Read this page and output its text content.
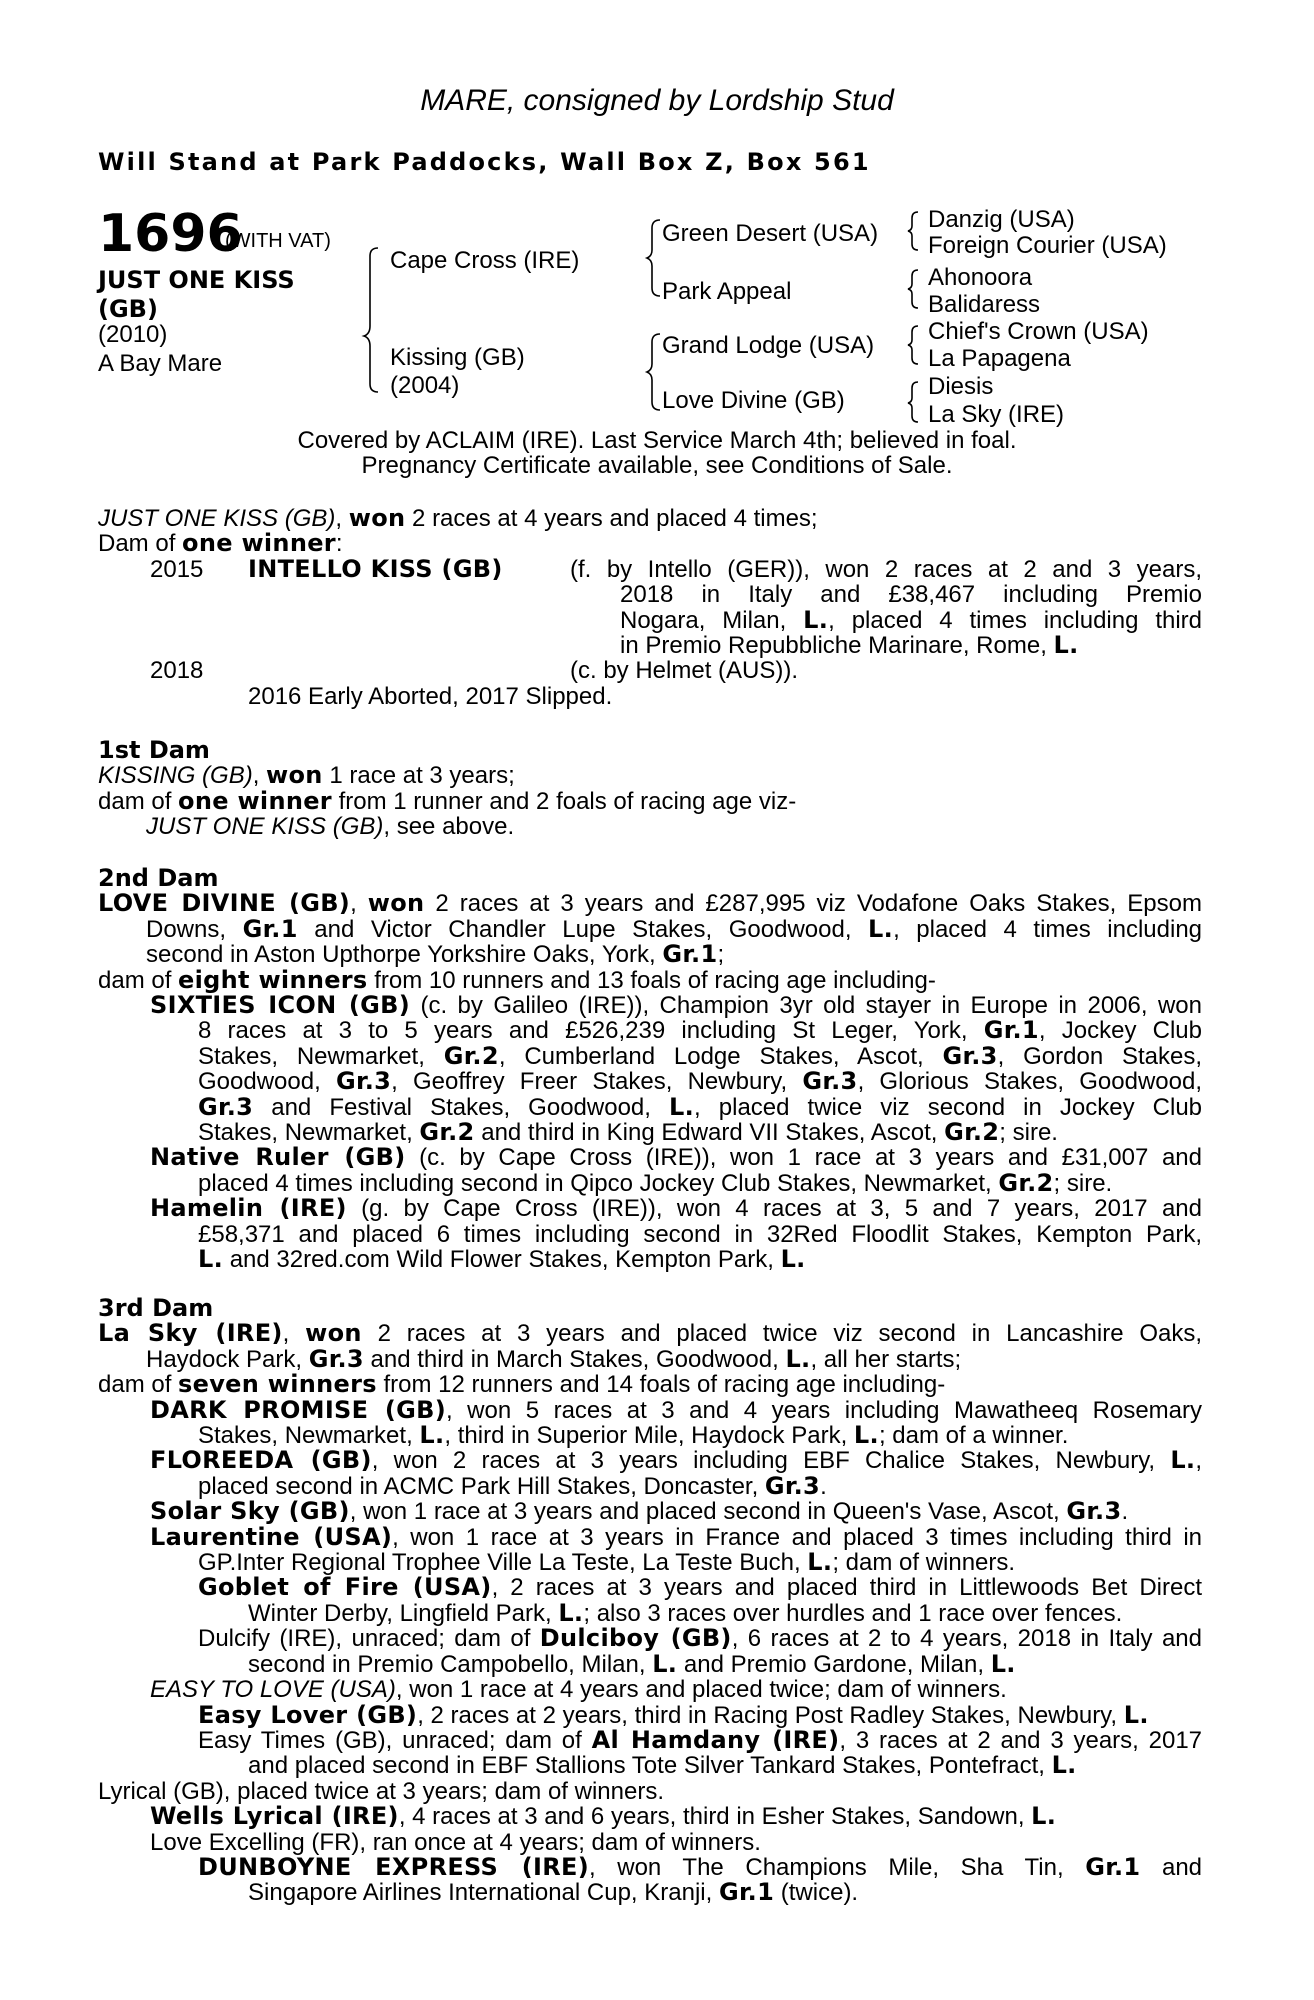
MARE, consigned by Lordship Stud
Will Stand at Park Paddocks, Wall Box Z, Box 561
1696
(WITH VAT)
JUST ONE KISS
(GB)
(2010)
A Bay Mare
Cape Cross (IRE)
Kissing (GB)
(2004)
Green Desert (USA)
Park Appeal
Grand Lodge (USA)
Love Divine (GB)
Danzig (USA)
Foreign Courier (USA)
Ahonoora
Balidaress
Chief's Crown (USA)
La Papagena
Diesis
La Sky (IRE)
Covered by ACLAIM (IRE). Last Service March 4th; believed in foal.
Pregnancy Certificate available, see Conditions of Sale.
JUST ONE KISS (GB), won 2 races at 4 years and placed 4 times;
Dam of one winner:
2015 INTELLO KISS (GB)	(f. by Intello (GER)), won 2 races at 2 and 3 years,
2018 in Italy and £38,467 including Premio
Nogara, Milan, L., placed 4 times including third
in Premio Repubbliche Marinare, Rome, L.
2018	(c. by Helmet (AUS)).
2016 Early Aborted, 2017 Slipped.
1st Dam
KISSING (GB), won 1 race at 3 years;
dam of one winner from 1 runner and 2 foals of racing age viz-
JUST ONE KISS (GB), see above.
2nd Dam
LOVE DIVINE (GB), won 2 races at 3 years and £287,995 viz Vodafone Oaks Stakes, Epsom
Downs, Gr.1 and Victor Chandler Lupe Stakes, Goodwood, L., placed 4 times including
second in Aston Upthorpe Yorkshire Oaks, York, Gr.1;
dam of eight winners from 10 runners and 13 foals of racing age including-
SIXTIES ICON (GB) (c. by Galileo (IRE)), Champion 3yr old stayer in Europe in 2006, won
8 races at 3 to 5 years and £526,239 including St Leger, York, Gr.1, Jockey Club
Stakes, Newmarket, Gr.2, Cumberland Lodge Stakes, Ascot, Gr.3, Gordon Stakes,
Goodwood, Gr.3, Geoffrey Freer Stakes, Newbury, Gr.3, Glorious Stakes, Goodwood,
Gr.3 and Festival Stakes, Goodwood, L., placed twice viz second in Jockey Club
Stakes, Newmarket, Gr.2 and third in King Edward VII Stakes, Ascot, Gr.2; sire.
Native Ruler (GB) (c. by Cape Cross (IRE)), won 1 race at 3 years and £31,007 and
placed 4 times including second in Qipco Jockey Club Stakes, Newmarket, Gr.2; sire.
Hamelin (IRE) (g. by Cape Cross (IRE)), won 4 races at 3, 5 and 7 years, 2017 and
£58,371 and placed 6 times including second in 32Red Floodlit Stakes, Kempton Park,
L. and 32red.com Wild Flower Stakes, Kempton Park, L.
3rd Dam
La Sky (IRE), won 2 races at 3 years and placed twice viz second in Lancashire Oaks,
Haydock Park, Gr.3 and third in March Stakes, Goodwood, L., all her starts;
dam of seven winners from 12 runners and 14 foals of racing age including-
DARK PROMISE (GB), won 5 races at 3 and 4 years including Mawatheeq Rosemary
Stakes, Newmarket, L., third in Superior Mile, Haydock Park, L.; dam of a winner.
FLOREEDA (GB), won 2 races at 3 years including EBF Chalice Stakes, Newbury, L.,
placed second in ACMC Park Hill Stakes, Doncaster, Gr.3.
Solar Sky (GB), won 1 race at 3 years and placed second in Queen's Vase, Ascot, Gr.3.
Laurentine (USA), won 1 race at 3 years in France and placed 3 times including third in
GP.Inter Regional Trophee Ville La Teste, La Teste Buch, L.; dam of winners.
Goblet of Fire (USA), 2 races at 3 years and placed third in Littlewoods Bet Direct
Winter Derby, Lingfield Park, L.; also 3 races over hurdles and 1 race over fences.
Dulcify (IRE), unraced; dam of Dulciboy (GB), 6 races at 2 to 4 years, 2018 in Italy and
second in Premio Campobello, Milan, L. and Premio Gardone, Milan, L.
EASY TO LOVE (USA), won 1 race at 4 years and placed twice; dam of winners.
Easy Lover (GB), 2 races at 2 years, third in Racing Post Radley Stakes, Newbury, L.
Easy Times (GB), unraced; dam of Al Hamdany (IRE), 3 races at 2 and 3 years, 2017
and placed second in EBF Stallions Tote Silver Tankard Stakes, Pontefract, L.
Lyrical (GB), placed twice at 3 years; dam of winners.
Wells Lyrical (IRE), 4 races at 3 and 6 years, third in Esher Stakes, Sandown, L.
Love Excelling (FR), ran once at 4 years; dam of winners.
DUNBOYNE EXPRESS (IRE), won The Champions Mile, Sha Tin, Gr.1 and
Singapore Airlines International Cup, Kranji, Gr.1 (twice).
